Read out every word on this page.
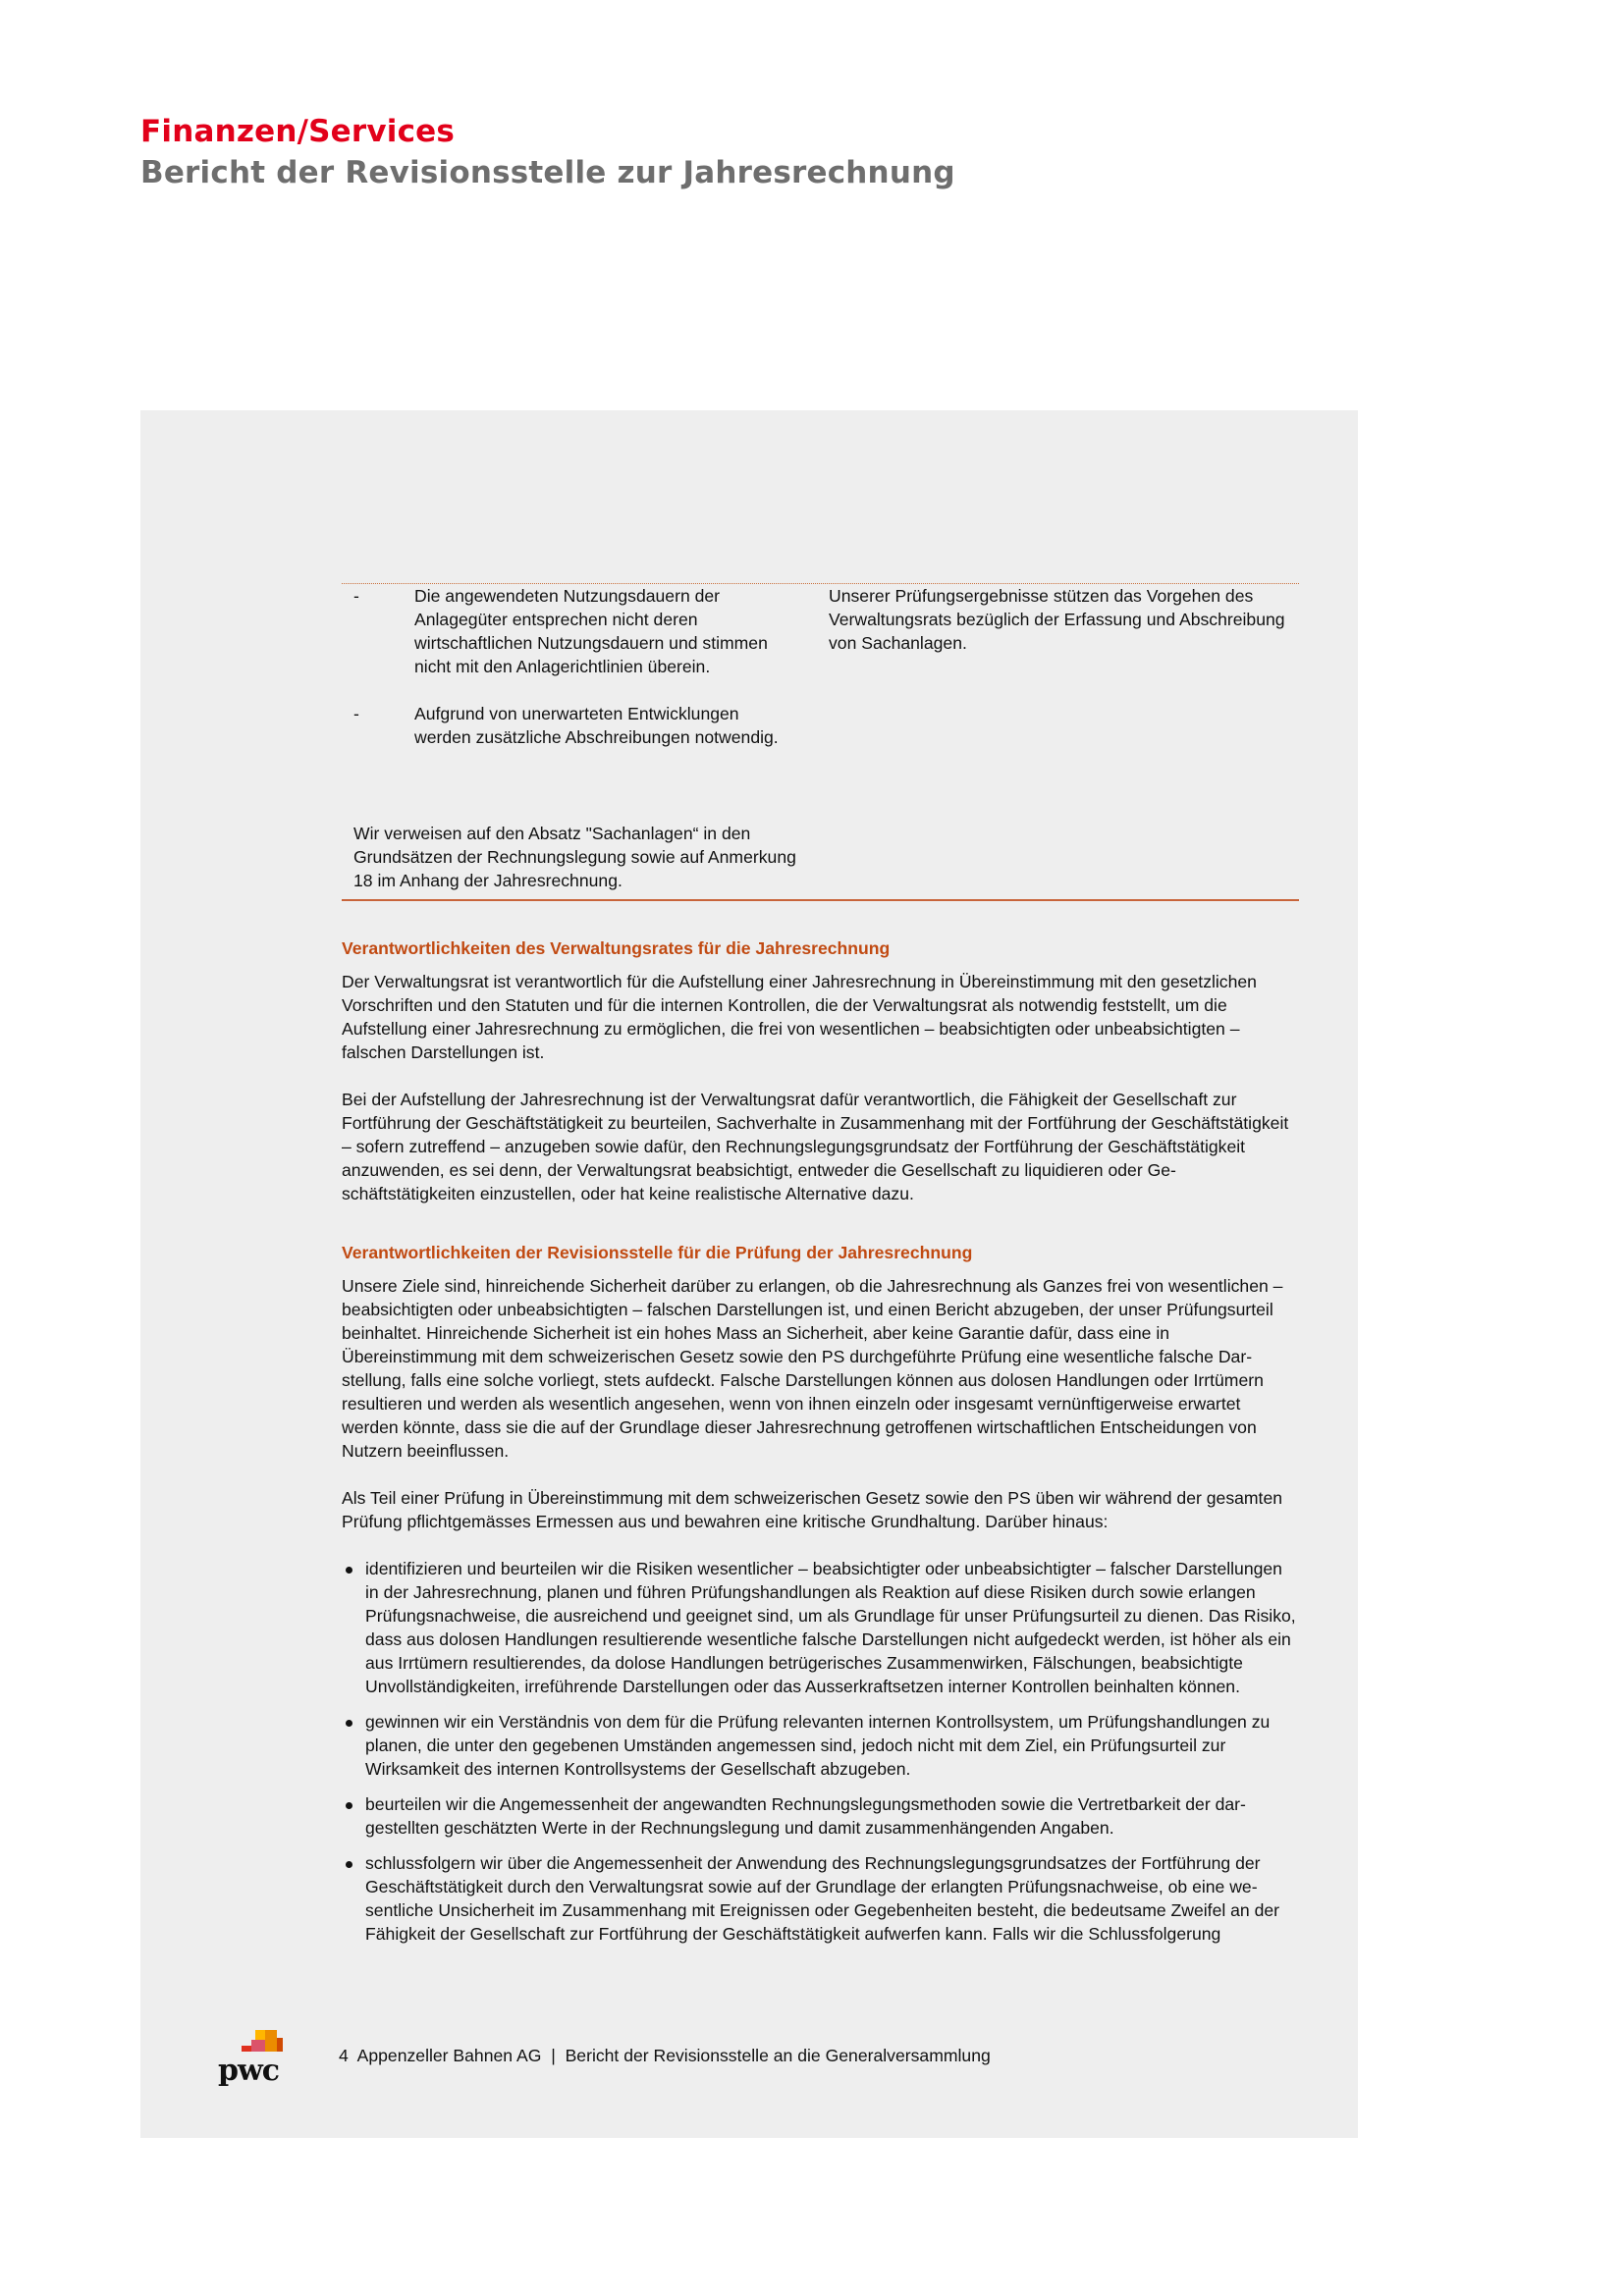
Finanzen/Services
Bericht der Revisionsstelle zur Jahresrechnung
-	Die angewendeten Nutzungsdauern der Anlagegüter entsprechen nicht deren wirtschaftlichen Nutzungsdauern und stimmen nicht mit den Anlagerichtlinien überein.
-	Aufgrund von unerwarteten Entwicklungen werden zusätzliche Abschreibungen notwendig.
Wir verweisen auf den Absatz "Sachanlagen“ in den Grundsätzen der Rechnungslegung sowie auf Anmerkung 18 im Anhang der Jahresrechnung.
Unserer Prüfungsergebnisse stützen das Vorgehen des Verwaltungsrats bezüglich der Erfassung und Abschreibung von Sachanlagen.
Verantwortlichkeiten des Verwaltungsrates für die Jahresrechnung

Der Verwaltungsrat ist verantwortlich für die Aufstellung einer Jahresrechnung in Übereinstimmung mit den gesetzlichen Vorschriften und den Statuten und für die internen Kontrollen, die der Verwaltungsrat als notwendig feststellt, um die Aufstellung einer Jahresrechnung zu ermöglichen, die frei von wesentlichen – beabsichtigten oder unbeabsichtigten – falschen Darstellungen ist.

Bei der Aufstellung der Jahresrechnung ist der Verwaltungsrat dafür verantwortlich, die Fähigkeit der Gesellschaft zur Fortführung der Geschäftstätigkeit zu beurteilen, Sachverhalte in Zusammenhang mit der Fortführung der Geschäftstätigkeit – sofern zutreffend – anzugeben sowie dafür, den Rechnungslegungsgrundsatz der Fortführung der Geschäftstätigkeit anzuwenden, es sei denn, der Verwaltungsrat beabsichtigt, entweder die Gesellschaft zu liquidieren oder Geschäftstätigkeiten einzustellen, oder hat keine realistische Alternative dazu.

Verantwortlichkeiten der Revisionsstelle für die Prüfung der Jahresrechnung

Unsere Ziele sind, hinreichende Sicherheit darüber zu erlangen, ob die Jahresrechnung als Ganzes frei von wesentlichen – beabsichtigten oder unbeabsichtigten – falschen Darstellungen ist, und einen Bericht abzugeben, der unser Prüfungsurteil beinhaltet. Hinreichende Sicherheit ist ein hohes Mass an Sicherheit, aber keine Garantie dafür, dass eine in Übereinstimmung mit dem schweizerischen Gesetz sowie den PS durchgeführte Prüfung eine wesentliche falsche Darstellung, falls eine solche vorliegt, stets aufdeckt. Falsche Darstellungen können aus dolosen Handlungen oder Irrtümern resultieren und werden als wesentlich angesehen, wenn von ihnen einzeln oder insgesamt vernünftigerweise erwartet werden könnte, dass sie die auf der Grundlage dieser Jahresrechnung getroffenen wirtschaftlichen Entscheidungen von Nutzern beeinflussen.

Als Teil einer Prüfung in Übereinstimmung mit dem schweizerischen Gesetz sowie den PS üben wir während der gesamten Prüfung pflichtgemässes Ermessen aus und bewahren eine kritische Grundhaltung. Darüber hinaus:

identifizieren und beurteilen wir die Risiken wesentlicher – beabsichtigter oder unbeabsichtigter – falscher Darstellungen in der Jahresrechnung, planen und führen Prüfungshandlungen als Reaktion auf diese Risiken durch sowie erlangen Prüfungsnachweise, die ausreichend und geeignet sind, um als Grundlage für unser Prüfungsurteil zu dienen. Das Risiko, dass aus dolosen Handlungen resultierende wesentliche falsche Darstellungen nicht aufgedeckt werden, ist höher als ein aus Irrtümern resultierendes, da dolose Handlungen betrügerisches Zusammenwirken, Fälschungen, beabsichtigte Unvollständigkeiten, irreführende Darstellungen oder das Ausserkraftsetzen interner Kontrollen beinhalten können.
gewinnen wir ein Verständnis von dem für die Prüfung relevanten internen Kontrollsystem, um Prüfungshandlungen zu planen, die unter den gegebenen Umständen angemessen sind, jedoch nicht mit dem Ziel, ein Prüfungsurteil zur Wirksamkeit des internen Kontrollsystems der Gesellschaft abzugeben.
beurteilen wir die Angemessenheit der angewandten Rechnungslegungsmethoden sowie die Vertretbarkeit der dargestellten geschätzten Werte in der Rechnungslegung und damit zusammenhängenden Angaben.
schlussfolgern wir über die Angemessenheit der Anwendung des Rechnungslegungsgrundsatzes der Fortführung der Geschäftstätigkeit durch den Verwaltungsrat sowie auf der Grundlage der erlangten Prüfungsnachweise, ob eine wesentliche Unsicherheit im Zusammenhang mit Ereignissen oder Gegebenheiten besteht, die bedeutsame Zweifel an der Fähigkeit der Gesellschaft zur Fortführung der Geschäftstätigkeit aufwerfen kann. Falls wir die Schlussfolgerung
pwc	4 Appenzeller Bahnen AG | Bericht der Revisionsstelle an die Generalversammlung
